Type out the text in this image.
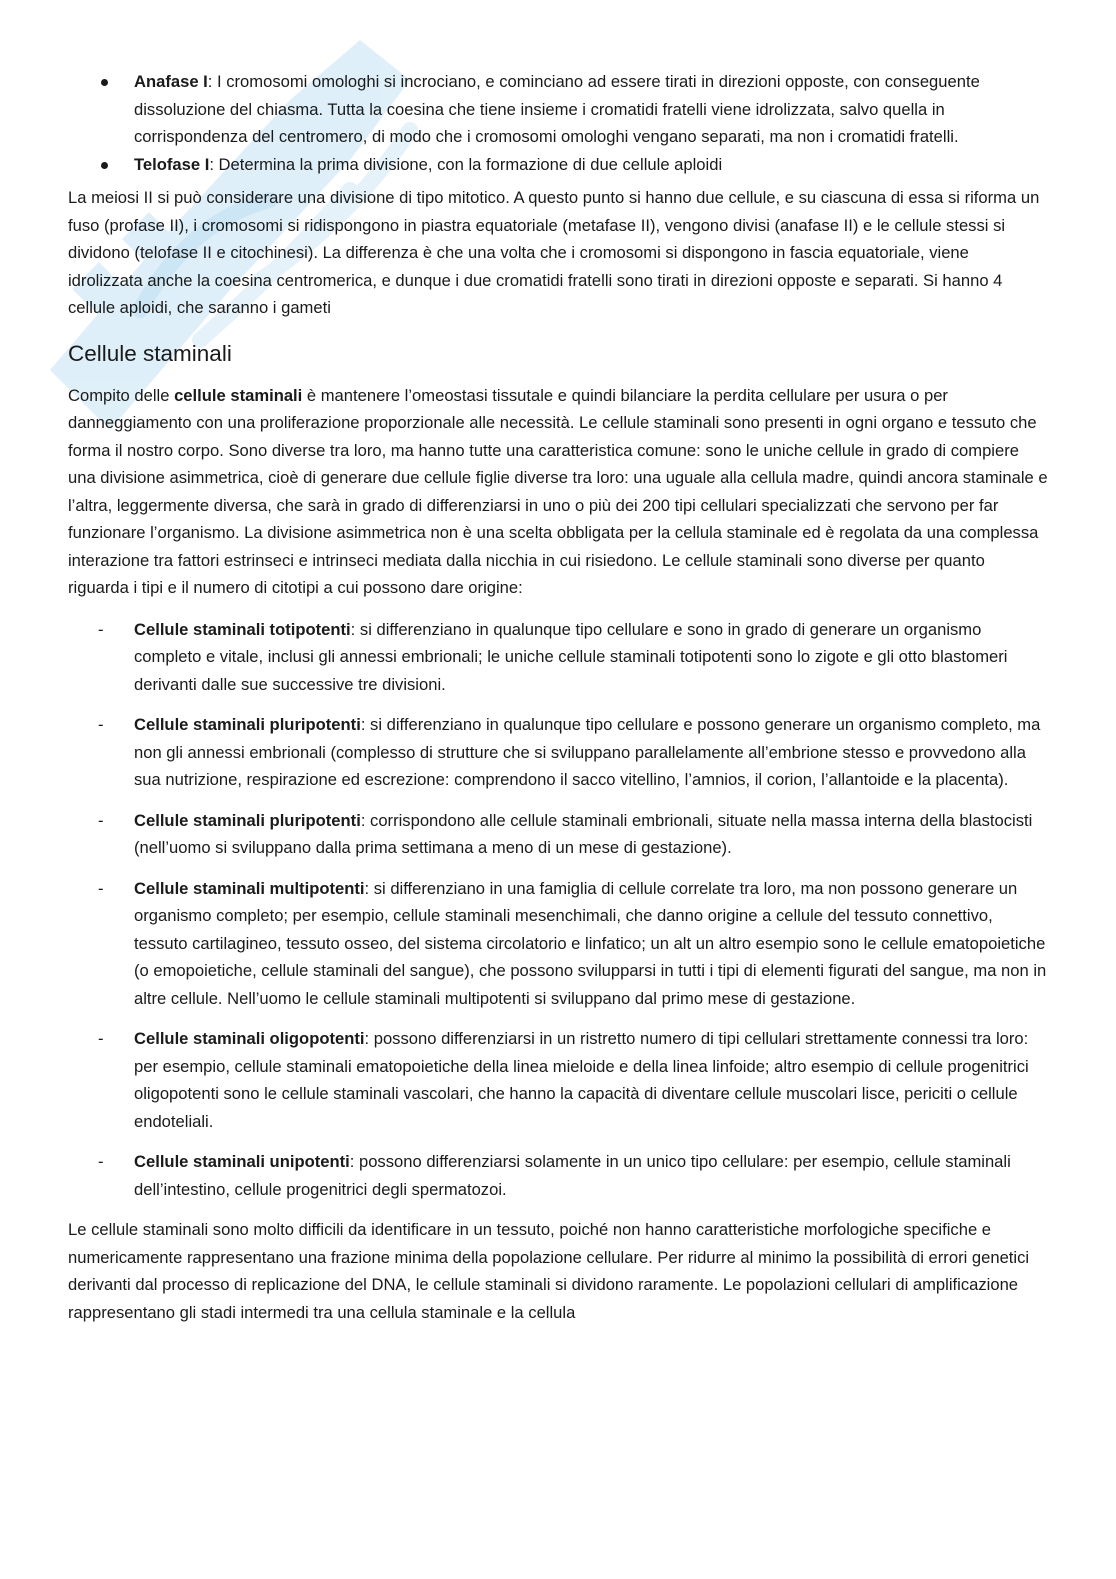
Anafase I: I cromosomi omologhi si incrociano, e cominciano ad essere tirati in direzioni opposte, con conseguente dissoluzione del chiasma. Tutta la coesina che tiene insieme i cromatidi fratelli viene idrolizzata, salvo quella in corrispondenza del centromero, di modo che i cromosomi omologhi vengano separati, ma non i cromatidi fratelli.
Telofase I: Determina la prima divisione, con la formazione di due cellule aploidi

La meiosi II si può considerare una divisione di tipo mitotico. A questo punto si hanno due cellule, e su ciascuna di essa si riforma un fuso (profase II), i cromosomi si ridispongono in piastra equatoriale (metafase II), vengono divisi (anafase II) e le cellule stessi si dividono (telofase II e citochinesi). La differenza è che una volta che i cromosomi si dispongono in fascia equatoriale, viene idrolizzata anche la coesina centromerica, e dunque i due cromatidi fratelli sono tirati in direzioni opposte e separati. Si hanno 4 cellule aploidi, che saranno i gameti

Cellule staminali

Compito delle cellule staminali è mantenere l’omeostasi tissutale e quindi bilanciare la perdita cellulare per usura o per danneggiamento con una proliferazione proporzionale alle necessità. Le cellule staminali sono presenti in ogni organo e tessuto che forma il nostro corpo. Sono diverse tra loro, ma hanno tutte una caratteristica comune: sono le uniche cellule in grado di compiere una divisione asimmetrica, cioè di generare due cellule figlie diverse tra loro: una uguale alla cellula madre, quindi ancora staminale e l’altra, leggermente diversa, che sarà in grado di differenziarsi in uno o più dei 200 tipi cellulari specializzati che servono per far funzionare l’organismo. La divisione asimmetrica non è una scelta obbligata per la cellula staminale ed è regolata da una complessa interazione tra fattori estrinseci e intrinseci mediata dalla nicchia in cui risiedono. Le cellule staminali sono diverse per quanto riguarda i tipi e il numero di citotipi a cui possono dare origine:

- Cellule staminali totipotenti: si differenziano in qualunque tipo cellulare e sono in grado di generare un organismo completo e vitale, inclusi gli annessi embrionali; le uniche cellule staminali totipotenti sono lo zigote e gli otto blastomeri derivanti dalle sue successive tre divisioni.
- Cellule staminali pluripotenti: si differenziano in qualunque tipo cellulare e possono generare un organismo completo, ma non gli annessi embrionali (complesso di strutture che si sviluppano parallelamente all’embrione stesso e provvedono alla sua nutrizione, respirazione ed escrezione: comprendono il sacco vitellino, l’amnios, il corion, l’allantoide e la placenta).
- Cellule staminali pluripotenti: corrispondono alle cellule staminali embrionali, situate nella massa interna della blastocisti (nell’uomo si sviluppano dalla prima settimana a meno di un mese di gestazione).
- Cellule staminali multipotenti: si differenziano in una famiglia di cellule correlate tra loro, ma non possono generare un organismo completo; per esempio, cellule staminali mesenchimali, che danno origine a cellule del tessuto connettivo, tessuto cartilagineo, tessuto osseo, del sistema circolatorio e linfatico; un alt un altro esempio sono le cellule ematopoietiche (o emopoietiche, cellule staminali del sangue), che possono svilupparsi in tutti i tipi di elementi figurati del sangue, ma non in altre cellule. Nell’uomo le cellule staminali multipotenti si sviluppano dal primo mese di gestazione.
- Cellule staminali oligopotenti: possono differenziarsi in un ristretto numero di tipi cellulari strettamente connessi tra loro: per esempio, cellule staminali ematopoietiche della linea mieloide e della linea linfoide; altro esempio di cellule progenitrici oligopotenti sono le cellule staminali vascolari, che hanno la capacità di diventare cellule muscolari lisce, periciti o cellule endoteliali.
- Cellule staminali unipotenti: possono differenziarsi solamente in un unico tipo cellulare: per esempio, cellule staminali dell’intestino, cellule progenitrici degli spermatozoi.

Le cellule staminali sono molto difficili da identificare in un tessuto, poiché non hanno caratteristiche morfologiche specifiche e numericamente rappresentano una frazione minima della popolazione cellulare. Per ridurre al minimo la possibilità di errori genetici derivanti dal processo di replicazione del DNA, le cellule staminali si dividono raramente. Le popolazioni cellulari di amplificazione rappresentano gli stadi intermedi tra una cellula staminale e la cellula
